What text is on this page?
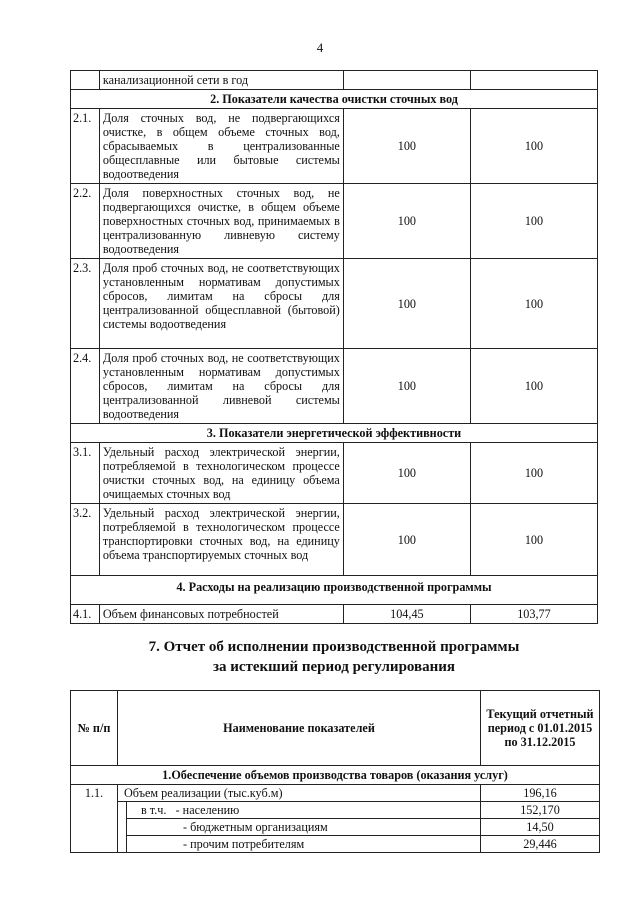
4
	канализационной сети в год		
2. Показатели качества очистки сточных вод			
2.1.	Доля сточных вод, не подвергающихся очистке, в общем объеме сточных вод, сбрасываемых в централизованные общесплавные или бытовые системы водоотведения	100	100
2.2.	Доля поверхностных сточных вод, не подвергающихся очистке, в общем объеме поверхностных сточных вод, принимаемых в централизованную ливневую систему водоотведения	100	100
2.3.	Доля проб сточных вод, не соответствующих установленным нормативам допустимых сбросов, лимитам на сбросы для централизованной общесплавной (бытовой) системы водоотведения	100	100
2.4.	Доля проб сточных вод, не соответствующих установленным нормативам допустимых сбросов, лимитам на сбросы для централизованной ливневой системы водоотведения	100	100
3. Показатели энергетической эффективности			
3.1.	Удельный расход электрической энергии, потребляемой в технологическом процессе очистки сточных вод, на единицу объема очищаемых сточных вод	100	100
3.2.	Удельный расход электрической энергии, потребляемой в технологическом процессе транспортировки сточных вод, на единицу объема транспортируемых сточных вод	100	100
4. Расходы на реализацию производственной программы			
4.1.	Объем финансовых потребностей	104,45	103,77
7. Отчет об исполнении производственной программы
за истекший период регулирования
№ п/п	Наименование показателей		Текущий отчетный период с 01.01.2015 по 31.12.2015
1.Обеспечение объемов производства товаров (оказания услуг)			
1.1.	Объем реализации (тыс.куб.м)		196,16
		в т.ч.   - населению	152,170
		- бюджетным организациям	14,50
		- прочим потребителям	29,446
